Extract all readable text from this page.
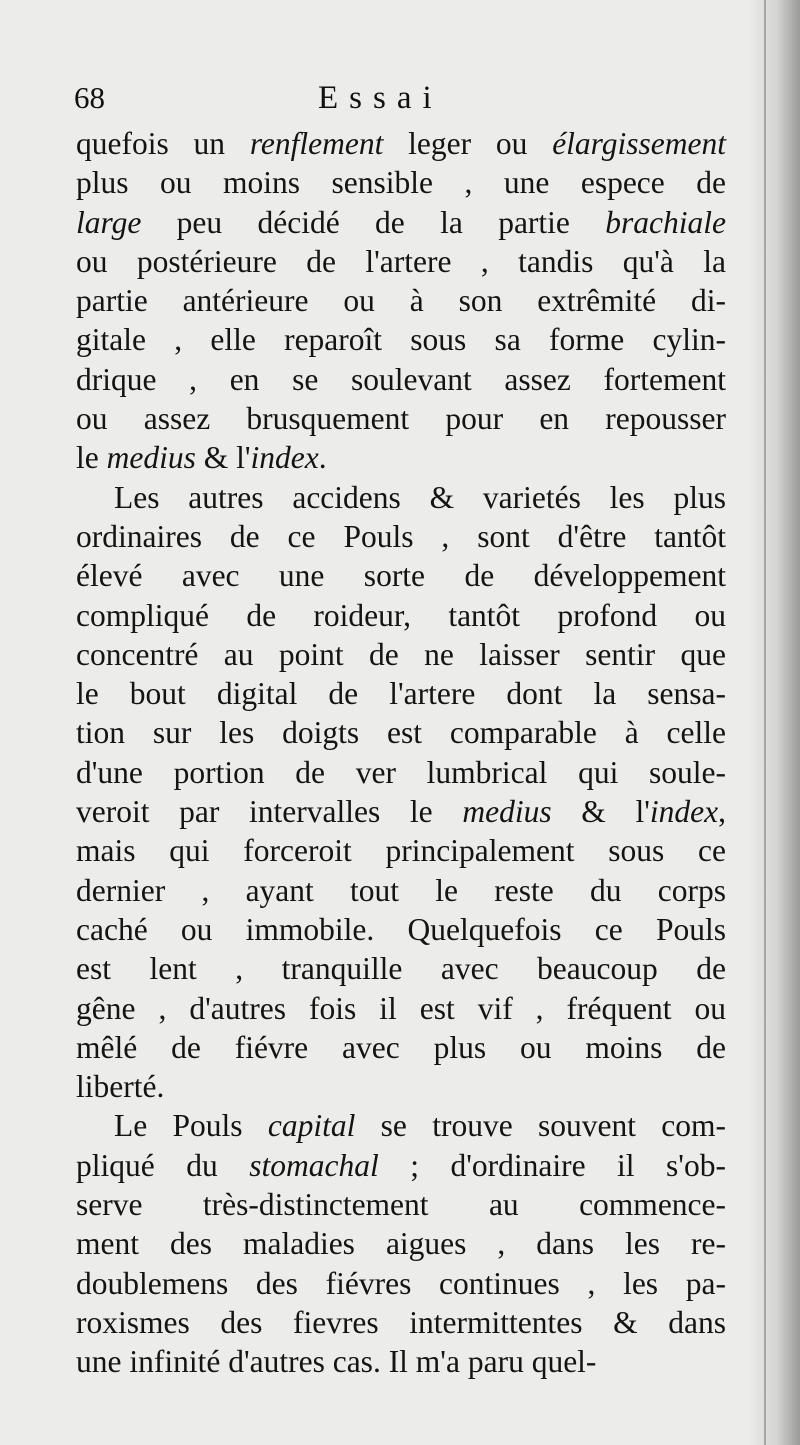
68	Essai
quefois un renflement leger ou élargissement
plus ou moins sensible , une espece de
large peu décidé de la partie brachiale
ou postérieure de l'artere , tandis qu'à la
partie antérieure ou à son extrêmité di-
gitale , elle reparoît sous sa forme cylin-
drique , en se soulevant assez fortement
ou assez brusquement pour en repousser
le medius & l'index.
Les autres accidens & varietés les plus
ordinaires de ce Pouls , sont d'être tantôt
élevé avec une sorte de développement
compliqué de roideur, tantôt profond ou
concentré au point de ne laisser sentir que
le bout digital de l'artere dont la sensa-
tion sur les doigts est comparable à celle
d'une portion de ver lumbrical qui soule-
veroit par intervalles le medius & l'index,
mais qui forceroit principalement sous ce
dernier , ayant tout le reste du corps
caché ou immobile. Quelquefois ce Pouls
est lent , tranquille avec beaucoup de
gêne , d'autres fois il est vif , fréquent ou
mêlé de fiévre avec plus ou moins de
liberté.
Le Pouls capital se trouve souvent com-
pliqué du stomachal ; d'ordinaire il s'ob-
serve très-distinctement au commence-
ment des maladies aigues , dans les re-
doublemens des fiévres continues , les pa-
roxismes des fievres intermittentes & dans
une infinité d'autres cas. Il m'a paru quel-
